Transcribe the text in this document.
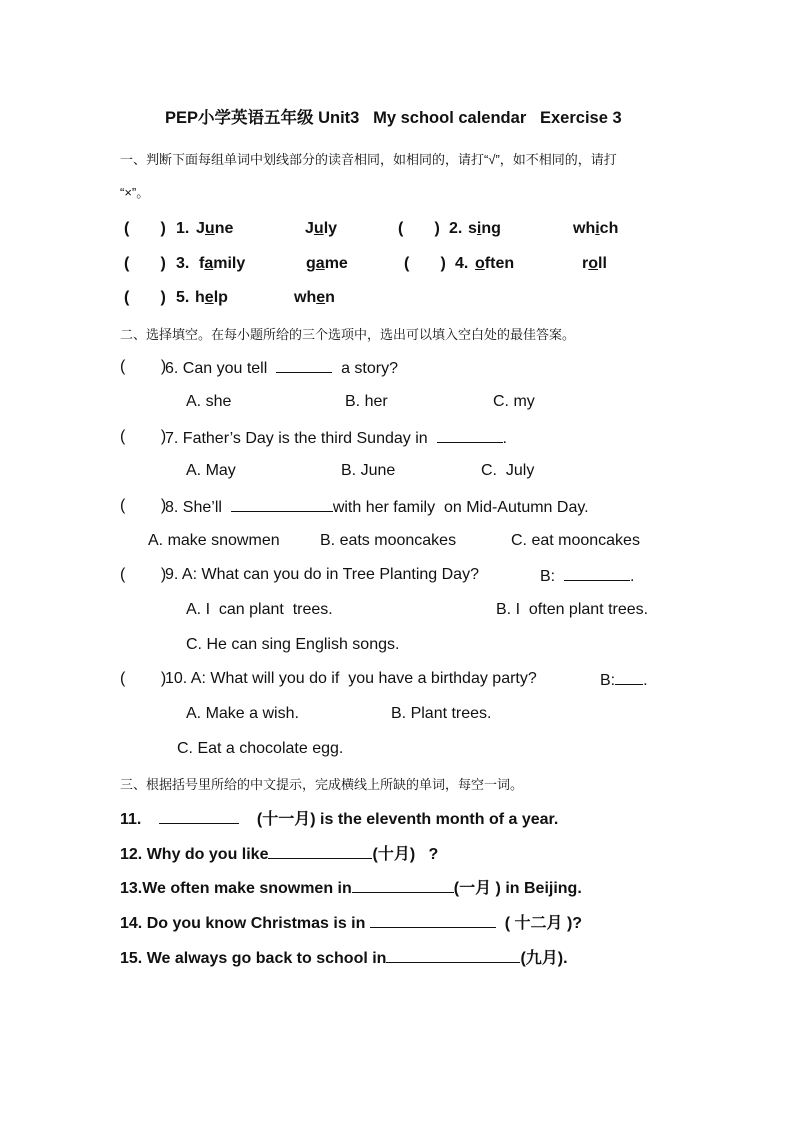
PEP小学英语五年级 Unit3   My school calendar   Exercise 3
一、判断下面每组单词中划线部分的读音相同，如相同的，请打“√”，如不相同的，请打
“×”。
(       ) 1. June	July	(       ) 2. sing	which
(       ) 3. family	game	(       ) 4. often	roll
(       ) 5. help	when
二、选择填空。在每小题所给的三个选项中，选出可以填入空白处的最佳答案。
(        )
6. Can you tell	a story?
A. she	B. her	C. my
(        )
7. Father’s Day is the third Sunday in	.
A. May	B. June	C.  July
(        )
8. She’ll	with her family  on Mid-Autumn Day.
A. make snowmen	B. eats mooncakes	C. eat mooncakes
(        )
9. A: What can you do in Tree Planting Day?	B:	.
A. I  can plant  trees.	B. I  often plant trees.
C. He can sing English songs.
(        )
10. A: What will you do if  you have a birthday party?	B: .
A. Make a wish.	B. Plant trees.
C. Eat a chocolate egg.
三、根据括号里所给的中文提示，完成横线上所缺的单词，每空一词。
11.	(十一月) is the eleventh month of a year.
12. Why do you like	(十月) ?
13.We often make snowmen in	(一月 ) in Beijing.
14. Do you know Christmas is in	( 十二月 )?
15. We always go back to school in	(九月).
